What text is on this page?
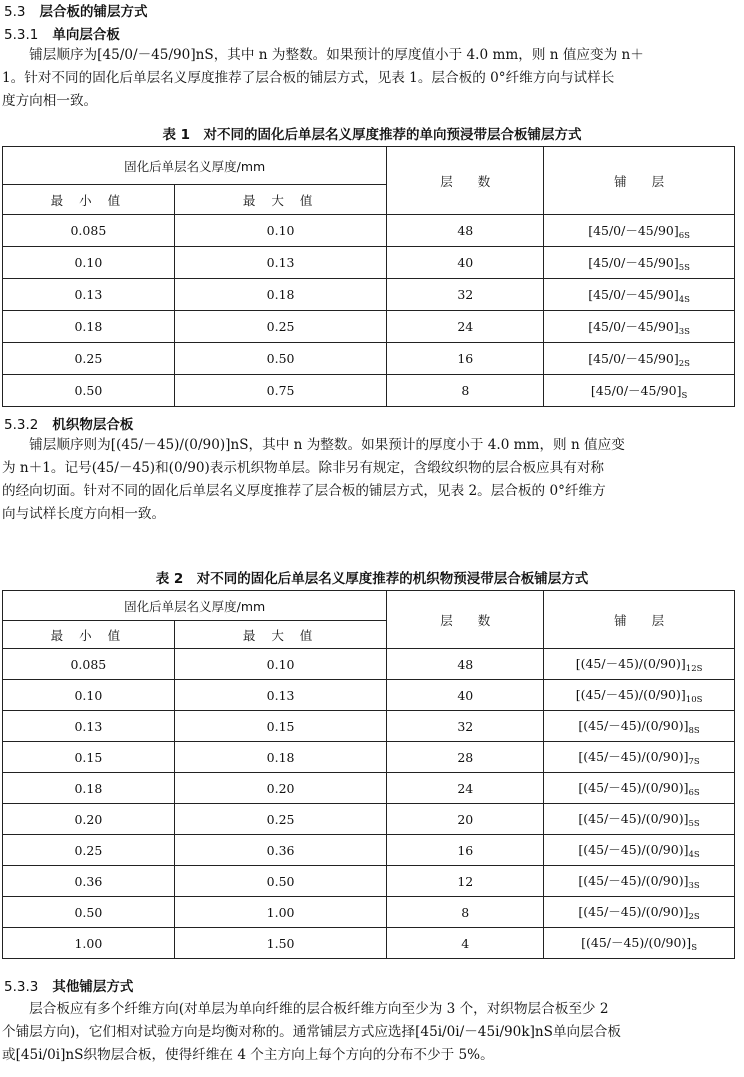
5.3 层合板的铺层方式
5.3.1 单向层合板
　　铺层顺序为[45/0/－45/90]nS，其中 n 为整数。如果预计的厚度值小于 4.0 mm，则 n 值应变为 n＋
1。针对不同的固化后单层名义厚度推荐了层合板的铺层方式，见表 1。层合板的 0°纤维方向与试样长
度方向相一致。
表 1　对不同的固化后单层名义厚度推荐的单向预浸带层合板铺层方式
固化后单层名义厚度/mm		层　　数	铺　　层
最 小 值	最 大 值		
0.085	0.10	48	$[45/0/-45/90]_{6S}$
0.10	0.13	40	$[45/0/-45/90]_{5S}$
0.13	0.18	32	$[45/0/-45/90]_{4S}$
0.18	0.25	24	$[45/0/-45/90]_{3S}$
0.25	0.50	16	$[45/0/-45/90]_{2S}$
0.50	0.75	8	$[45/0/-45/90]_S$
5.3.2 机织物层合板
　　铺层顺序则为[(45/－45)/(0/90)]nS，其中 n 为整数。如果预计的厚度小于 4.0 mm，则 n 值应变
为 n＋1。记号(45/－45)和(0/90)表示机织物单层。除非另有规定，含缎纹织物的层合板应具有对称
的经向切面。针对不同的固化后单层名义厚度推荐了层合板的铺层方式，见表 2。层合板的 0°纤维方
向与试样长度方向相一致。
表 2　对不同的固化后单层名义厚度推荐的机织物预浸带层合板铺层方式
固化后单层名义厚度/mm		层　　数	铺　　层
最 小 值	最 大 值		
0.085	0.10	48	$[(45/-45)/(0/90)]_{12S}$
0.10	0.13	40	$[(45/-45)/(0/90)]_{10S}$
0.13	0.15	32	$[(45/-45)/(0/90)]_{8S}$
0.15	0.18	28	$[(45/-45)/(0/90)]_{7S}$
0.18	0.20	24	$[(45/-45)/(0/90)]_{6S}$
0.20	0.25	20	$[(45/-45)/(0/90)]_{5S}$
0.25	0.36	16	$[(45/-45)/(0/90)]_{4S}$
0.36	0.50	12	$[(45/-45)/(0/90)]_{3S}$
0.50	1.00	8	$[(45/-45)/(0/90)]_{2S}$
1.00	1.50	4	$[(45/-45)/(0/90)]_S$
5.3.3 其他铺层方式
　　层合板应有多个纤维方向(对单层为单向纤维的层合板纤维方向至少为 3 个，对织物层合板至少 2
个铺层方向)，它们相对试验方向是均衡对称的。通常铺层方式应选择[45i/0i/－45i/90k]nS单向层合板
或[45i/0i]nS织物层合板，使得纤维在 4 个主方向上每个方向的分布不少于 5%。
